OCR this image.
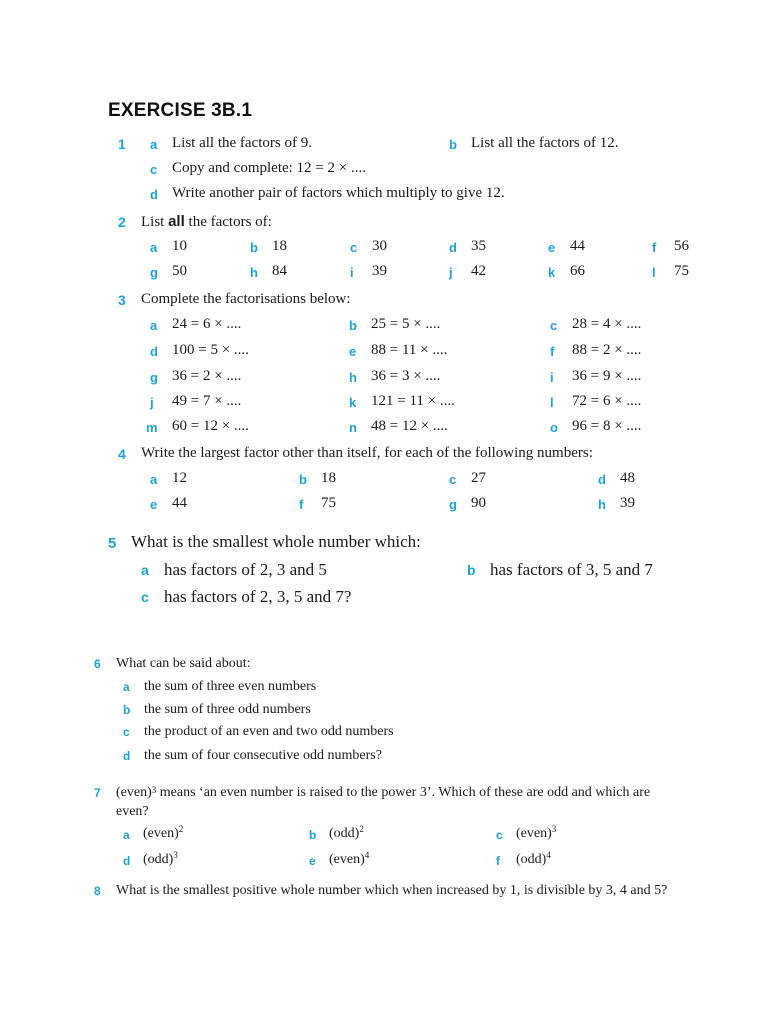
EXERCISE 3B.1
1 a List all the factors of 9.	b List all the factors of 12.
c Copy and complete: 12 = 2 × ....
d Write another pair of factors which multiply to give 12.
2 List all the factors of:
a 10	b 18	c 30	d 35	e 44	f 56
g 50	h 84	i 39	j 42	k 66	l 75
3 Complete the factorisations below:
a 24 = 6 × ....	b 25 = 5 × ....	c 28 = 4 × ....
d 100 = 5 × ....	e 88 = 11 × ....	f 88 = 2 × ....
g 36 = 2 × ....	h 36 = 3 × ....	i 36 = 9 × ....
j 49 = 7 × ....	k 121 = 11 × ....	l 72 = 6 × ....
m 60 = 12 × ....	n 48 = 12 × ....	o 96 = 8 × ....
4 Write the largest factor other than itself, for each of the following numbers:
a 12	b 18	c 27	d 48
e 44	f 75	g 90	h 39
5 What is the smallest whole number which:
a has factors of 2, 3 and 5	b has factors of 3, 5 and 7
c has factors of 2, 3, 5 and 7?
6 What can be said about:
a the sum of three even numbers
b the sum of three odd numbers
c the product of an even and two odd numbers
d the sum of four consecutive odd numbers?
7 (even)$^3$ means ‘an even number is raised to the power 3’. Which of these are odd and which are even?
a (even)$^2$	b (odd)$^2$	c (even)$^3$
d (odd)$^3$	e (even)$^4$	f (odd)$^4$
8 What is the smallest positive whole number which when increased by 1, is divisible by 3, 4 and 5?
